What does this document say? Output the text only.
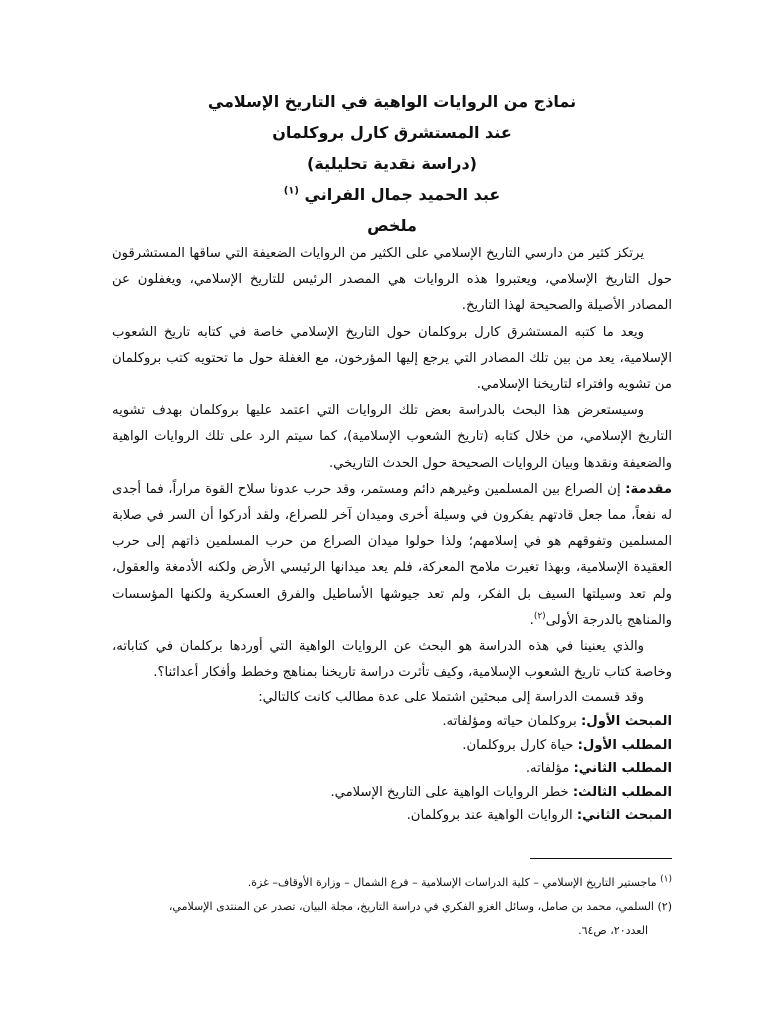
نماذج من الروايات الواهية في التاريخ الإسلامي

عند المستشرق كارل بروكلمان

(دراسة نقدية تحليلية)

عبد الحميد جمال الفراني $^{(١)}$

ملخص

يرتكز كثير من دارسي التاريخ الإسلامي على الكثير من الروايات الضعيفة التي ساقها المستشرقون حول التاريخ الإسلامي، ويعتبروا هذه الروايات هي المصدر الرئيس للتاريخ الإسلامي، ويغفلون عن المصادر الأصيلة والصحيحة لهذا التاريخ.

ويعد ما كتبه المستشرق كارل بروكلمان حول التاريخ الإسلامي خاصة في كتابه تاريخ الشعوب الإسلامية، يعد من بين تلك المصادر التي يرجع إليها المؤرخون، مع الغفلة حول ما تحتويه كتب بروكلمان من تشويه وافتراء لتاريخنا الإسلامي.

وسيستعرض هذا البحث بالدراسة بعض تلك الروايات التي اعتمد عليها بروكلمان بهدف تشويه التاريخ الإسلامي، من خلال كتابه (تاريخ الشعوب الإسلامية)، كما سيتم الرد على تلك الروايات الواهية والضعيفة ونقدها وبيان الروايات الصحيحة حول الحدث التاريخي.

مقدمة: إن الصراع بين المسلمين وغيرهم دائم ومستمر، وقد حرب عدونا سلاح القوة مراراً، فما أجدى له نفعاً، مما جعل قادتهم يفكرون في وسيلة أخرى وميدان آخر للصراع، ولقد أدركوا أن السر في صلابة المسلمين وتفوقهم هو في إسلامهم؛ ولذا حولوا ميدان الصراع من حرب المسلمين ذاتهم إلى حرب العقيدة الإسلامية، وبهذا تغيرت ملامح المعركة، فلم يعد ميدانها الرئيسي الأرض ولكنه الأدمغة والعقول، ولم تعد وسيلتها السيف بل الفكر، ولم تعد جيوشها الأساطيل والفرق العسكرية ولكنها المؤسسات والمناهج بالدرجة الأولى$^{(٢)}$.

والذي يعنينا في هذه الدراسة هو البحث عن الروايات الواهية التي أوردها بركلمان في كتاباته، وخاصة كتاب تاريخ الشعوب الإسلامية، وكيف تأثرت دراسة تاريخنا بمناهج وخطط وأفكار أعدائنا؟.

وقد قسمت الدراسة إلى مبحثين اشتملا على عدة مطالب كانت كالتالي:

المبحث الأول: بروكلمان حياته ومؤلفاته.

المطلب الأول: حياة كارل بروكلمان.

المطلب الثاني: مؤلفاته.

المطلب الثالث: خطر الروايات الواهية على التاريخ الإسلامي.

المبحث الثاني: الروايات الواهية عند بروكلمان.

$^{(١)}$ ماجستير التاريخ الإسلامي – كلية الدراسات الإسلامية – فرع الشمال – وزارة الأوقاف– غزة.

(٢) السلمي، محمد بن صامل، وسائل الغزو الفكري في دراسة التاريخ، مجلة البيان، تصدر عن المنتدى الإسلامي،

العدد٢٠، ص٦٤.
